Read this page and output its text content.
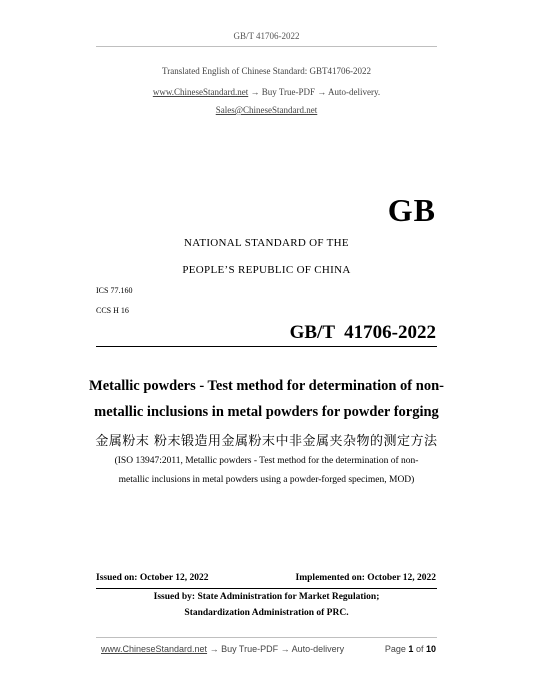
GB/T 41706-2022
Translated English of Chinese Standard: GBT41706-2022
www.ChineseStandard.net → Buy True-PDF → Auto-delivery.
Sales@ChineseStandard.net
GB
NATIONAL STANDARD OF THE
PEOPLE’S REPUBLIC OF CHINA
ICS 77.160
CCS H 16
GB/T  41706-2022
Metallic powders - Test method for determination of non-
metallic inclusions in metal powders for powder forging
金属粉末 粉末锻造用金属粉末中非金属夹杂物的测定方法
(ISO 13947:2011, Metallic powders - Test method for the determination of non-
metallic inclusions in metal powders using a powder-forged specimen, MOD)
Issued on: October 12, 2022	Implemented on: October 12, 2022
Issued by: State Administration for Market Regulation;
Standardization Administration of PRC.
www.ChineseStandard.net → Buy True-PDF → Auto-delivery	Page 1 of 10
